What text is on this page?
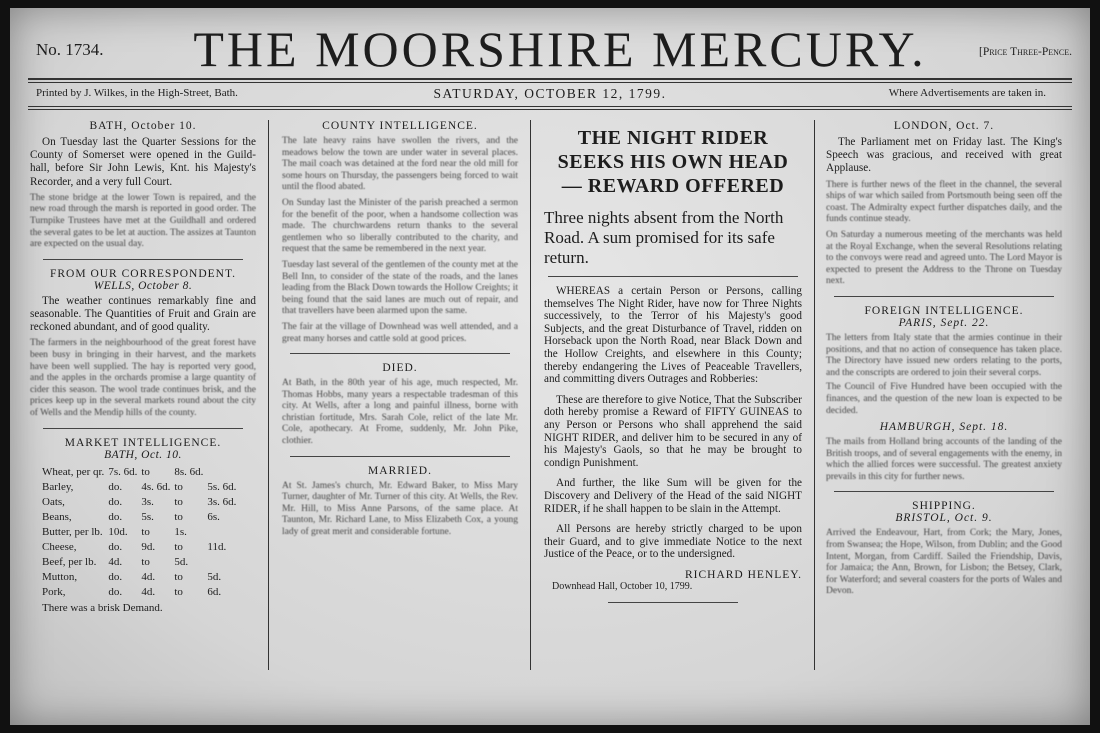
No. 1734. THE MOORSHIRE MERCURY.	[Price Three-Pence.
Printed by J. Wilkes, in the High-Street, Bath.	SATURDAY, OCTOBER 12, 1799.	Where Advertisements are taken in.
BATH, October 10.

On Tuesday last the Quarter Sessions for the County of Somerset were opened in the Guild-hall, before Sir John Lewis, Knt. his Majesty's Recorder, and a very full Court.

The stone bridge at the lower Town is repaired, and the new road through the marsh is reported in good order. The Turnpike Trustees have met at the Guildhall and ordered the several gates to be let at auction. The assizes at Taunton are expected on the usual day.

FROM OUR CORRESPONDENT.
WELLS, October 8.

The weather continues remarkably fine and seasonable. The Quantities of Fruit and Grain are reckoned abundant, and of good quality.

The farmers in the neighbourhood of the great forest have been busy in bringing in their harvest, and the markets have been well supplied. The hay is reported very good, and the apples in the orchards promise a large quantity of cider this season. The wool trade continues brisk, and the prices keep up in the several markets round about the city of Wells and the Mendip hills of the county.

MARKET INTELLIGENCE.
BATH, Oct. 10.
Wheat, per qr.	7s. 6d.	to	8s. 6d.	
Barley,	do.	4s. 6d.	to	5s. 6d.
Oats,	do.	3s.	to	3s. 6d.
Beans,	do.	5s.	to	6s.
Butter, per lb.	10d.	to	1s.	
Cheese,	do.	9d.	to	11d.
Beef, per lb.	4d.	to	5d.	
Mutton,	do.	4d.	to	5d.
Pork,	do.	4d.	to	6d.
There was a brisk Demand.
COUNTY INTELLIGENCE.

The late heavy rains have swollen the rivers, and the meadows below the town are under water in several places. The mail coach was detained at the ford near the old mill for some hours on Thursday, the passengers being forced to wait until the flood abated.

On Sunday last the Minister of the parish preached a sermon for the benefit of the poor, when a handsome collection was made. The churchwardens return thanks to the several gentlemen who so liberally contributed to the charity, and request that the same be remembered in the next year.

Tuesday last several of the gentlemen of the county met at the Bell Inn, to consider of the state of the roads, and the lanes leading from the Black Down towards the Hollow Creights; it being found that the said lanes are much out of repair, and that travellers have been alarmed upon the same.

The fair at the village of Downhead was well attended, and a great many horses and cattle sold at good prices.

DIED.

At Bath, in the 80th year of his age, much respected, Mr. Thomas Hobbs, many years a respectable tradesman of this city. At Wells, after a long and painful illness, borne with christian fortitude, Mrs. Sarah Cole, relict of the late Mr. Cole, apothecary. At Frome, suddenly, Mr. John Pike, clothier.

MARRIED.

At St. James's church, Mr. Edward Baker, to Miss Mary Turner, daughter of Mr. Turner of this city. At Wells, the Rev. Mr. Hill, to Miss Anne Parsons, of the same place. At Taunton, Mr. Richard Lane, to Miss Elizabeth Cox, a young lady of great merit and considerable fortune.

THE NIGHT RIDER
SEEKS HIS OWN HEAD
— REWARD OFFERED
Three nights absent from the North Road. A sum promised for its safe return.

WHEREAS a certain Person or Persons, calling themselves The Night Rider, have now for Three Nights successively, to the Terror of his Majesty's good Subjects, and the great Disturbance of Travel, ridden on Horseback upon the North Road, near Black Down and the Hollow Creights, and elsewhere in this County; thereby endangering the Lives of Peaceable Travellers, and committing divers Outrages and Robberies:

These are therefore to give Notice, That the Subscriber doth hereby promise a Reward of FIFTY GUINEAS to any Person or Persons who shall apprehend the said NIGHT RIDER, and deliver him to be secured in any of his Majesty's Gaols, so that he may be brought to condign Punishment.

And further, the like Sum will be given for the Discovery and Delivery of the Head of the said NIGHT RIDER, if he shall happen to be slain in the Attempt.

All Persons are hereby strictly charged to be upon their Guard, and to give immediate Notice to the next Justice of the Peace, or to the undersigned.

RICHARD HENLEY.
Downhead Hall, October 10, 1799.
LONDON, Oct. 7.

The Parliament met on Friday last. The King's Speech was gracious, and received with great Applause.

There is further news of the fleet in the channel, the several ships of war which sailed from Portsmouth being seen off the coast. The Admiralty expect further dispatches daily, and the funds continue steady.

On Saturday a numerous meeting of the merchants was held at the Royal Exchange, when the several Resolutions relating to the convoys were read and agreed unto. The Lord Mayor is expected to present the Address to the Throne on Tuesday next.

FOREIGN INTELLIGENCE.
PARIS, Sept. 22.

The letters from Italy state that the armies continue in their positions, and that no action of consequence has taken place. The Directory have issued new orders relating to the ports, and the conscripts are ordered to join their several corps.

The Council of Five Hundred have been occupied with the finances, and the question of the new loan is expected to be decided.

HAMBURGH, Sept. 18.

The mails from Holland bring accounts of the landing of the British troops, and of several engagements with the enemy, in which the allied forces were successful. The greatest anxiety prevails in this city for further news.

SHIPPING.
BRISTOL, Oct. 9.

Arrived the Endeavour, Hart, from Cork; the Mary, Jones, from Swansea; the Hope, Wilson, from Dublin; and the Good Intent, Morgan, from Cardiff. Sailed the Friendship, Davis, for Jamaica; the Ann, Brown, for Lisbon; the Betsey, Clark, for Waterford; and several coasters for the ports of Wales and Devon.
